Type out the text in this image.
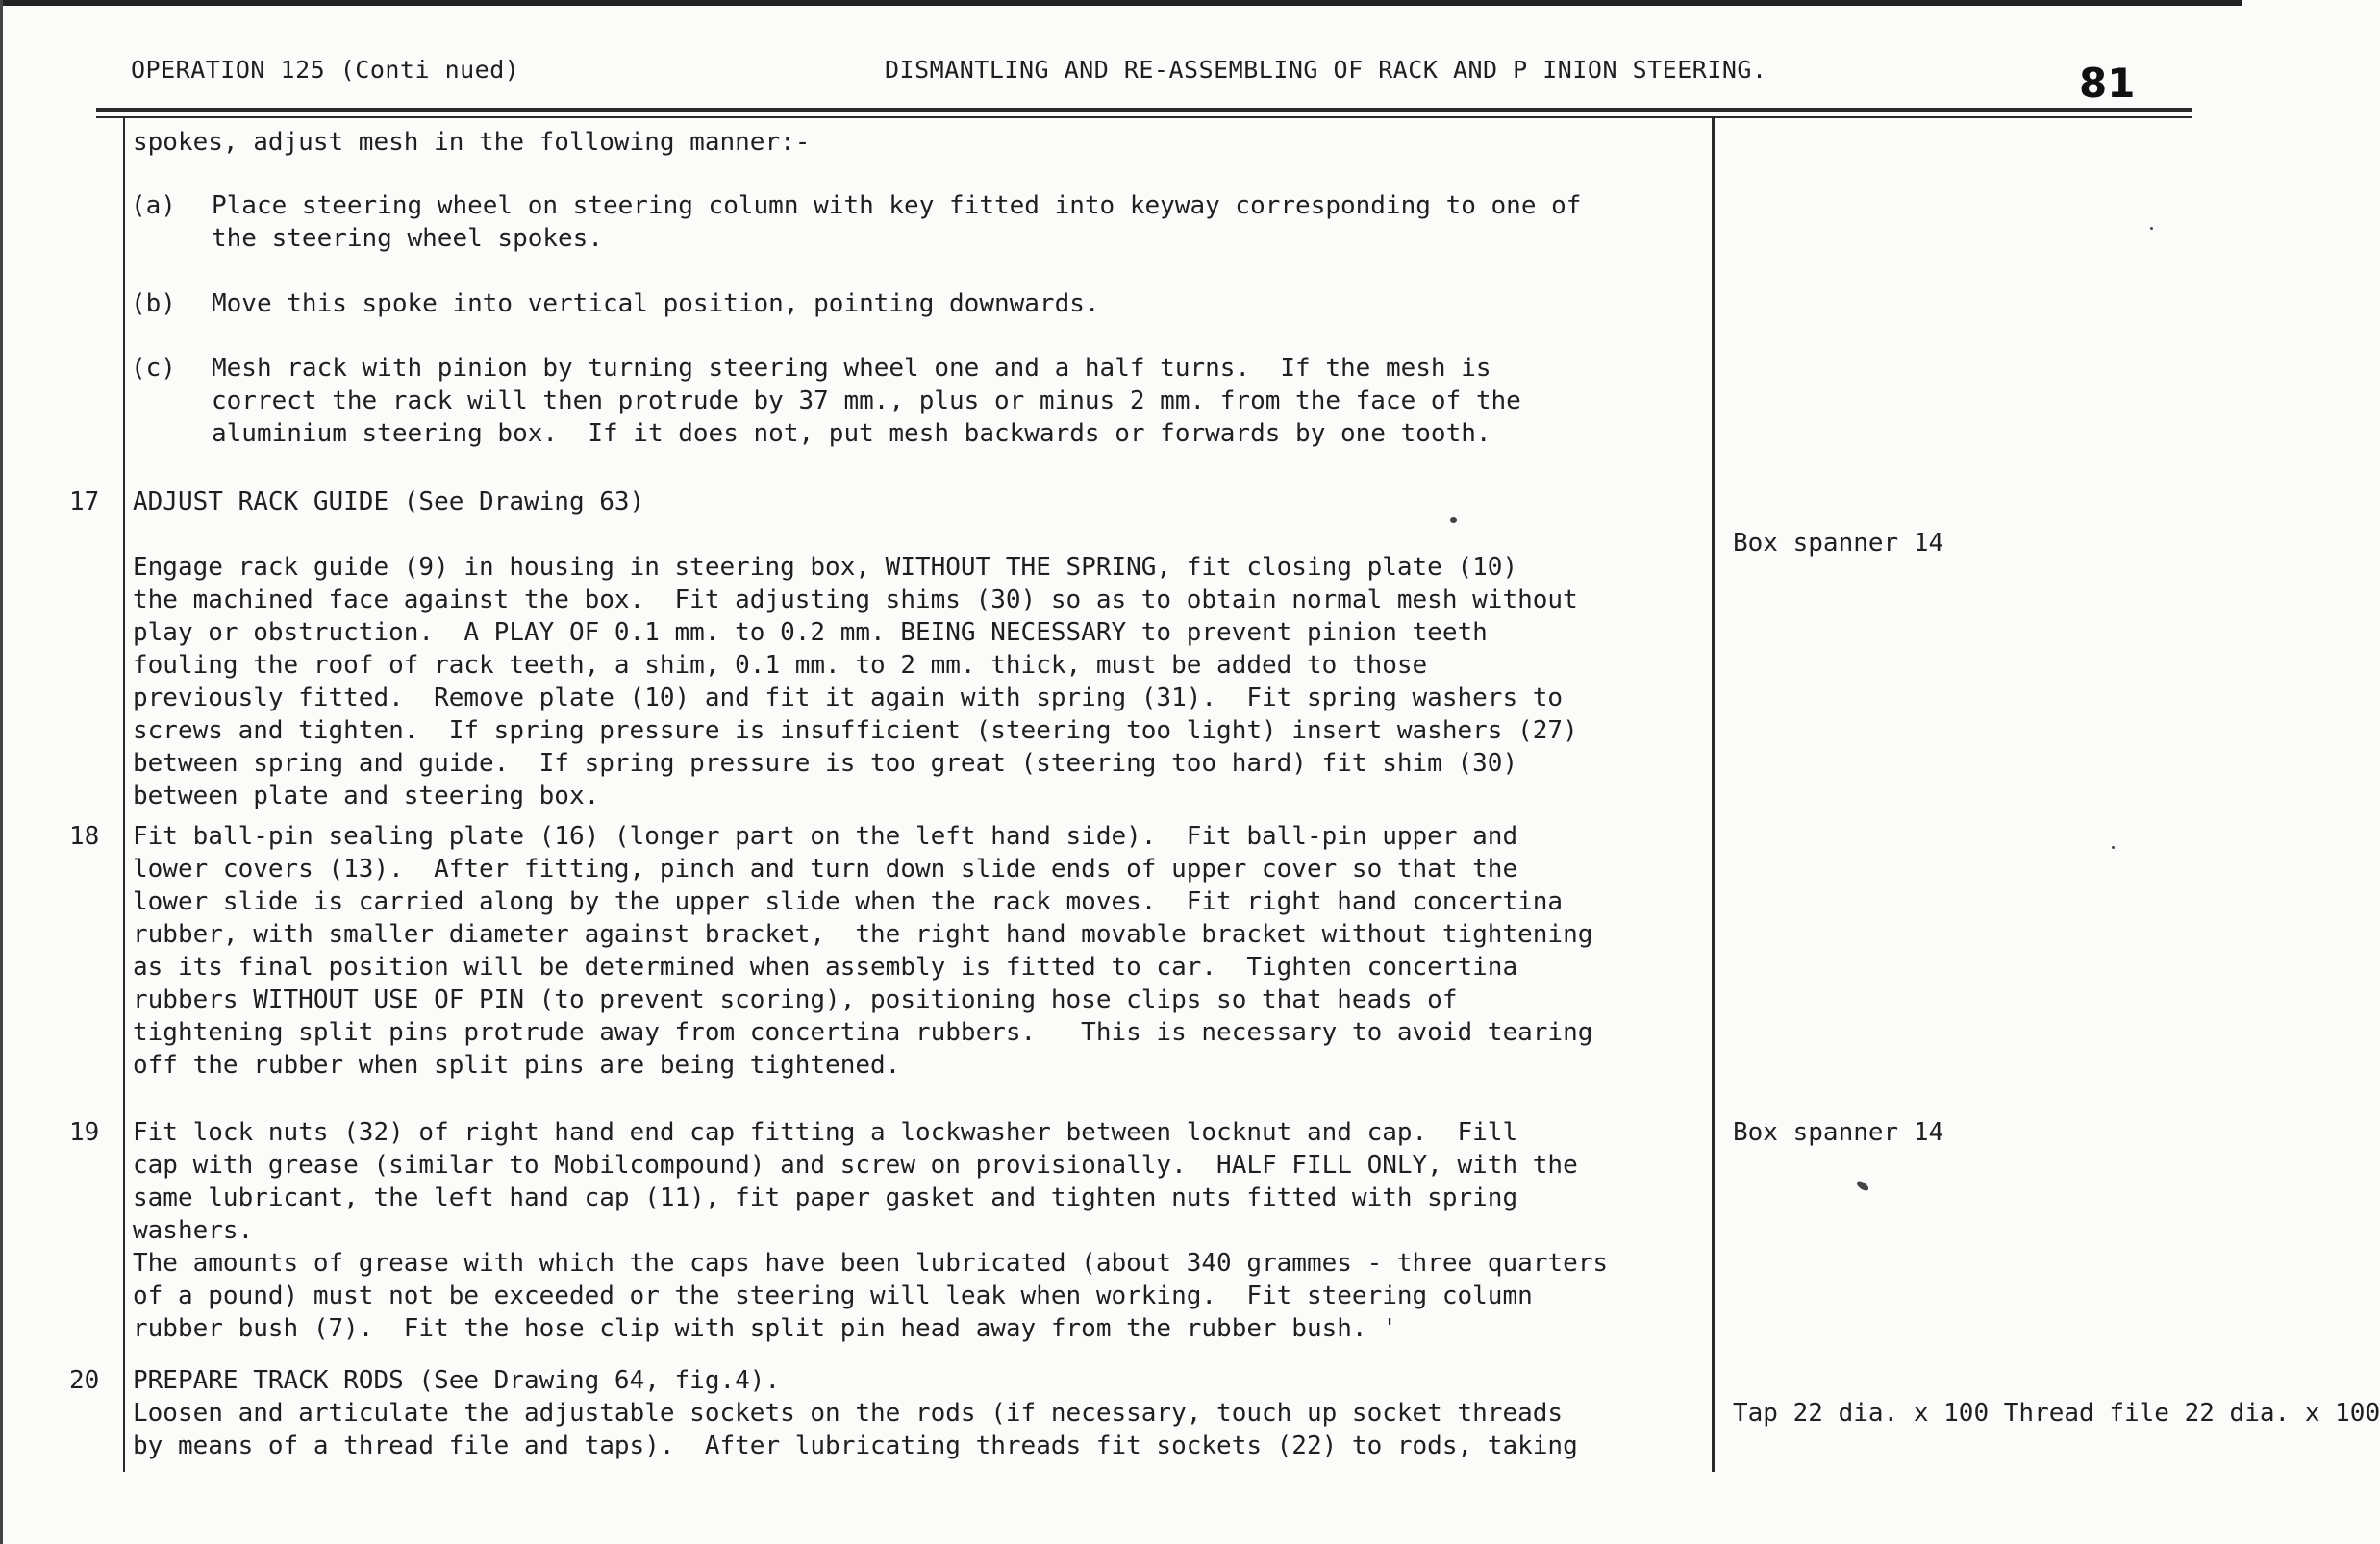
OPERATION 125 (Conti nued)	DISMANTLING AND RE-ASSEMBLING OF RACK AND P INION STEERING.	81
spokes, adjust mesh in the following manner:-
(a) Place steering wheel on steering column with key fitted into keyway corresponding to one of
the steering wheel spokes.
(b) Move this spoke into vertical position, pointing downwards.
(c) Mesh rack with pinion by turning steering wheel one and a half turns.  If the mesh is
correct the rack will then protrude by 37 mm., plus or minus 2 mm. from the face of the
aluminium steering box.  If it does not, put mesh backwards or forwards by one tooth.
17 ADJUST RACK GUIDE (See Drawing 63)

Engage rack guide (9) in housing in steering box, WITHOUT THE SPRING, fit closing plate (10)
the machined face against the box.  Fit adjusting shims (30) so as to obtain normal mesh without
play or obstruction.  A PLAY OF 0.1 mm. to 0.2 mm. BEING NECESSARY to prevent pinion teeth
fouling the roof of rack teeth, a shim, 0.1 mm. to 2 mm. thick, must be added to those
previously fitted.  Remove plate (10) and fit it again with spring (31).  Fit spring washers to
screws and tighten.  If spring pressure is insufficient (steering too light) insert washers (27)
between spring and guide.  If spring pressure is too great (steering too hard) fit shim (30)
between plate and steering box.
Box spanner 14
18 Fit ball-pin sealing plate (16) (longer part on the left hand side).  Fit ball-pin upper and
lower covers (13).  After fitting, pinch and turn down slide ends of upper cover so that the
lower slide is carried along by the upper slide when the rack moves.  Fit right hand concertina
rubber, with smaller diameter against bracket,  the right hand movable bracket without tightening
as its final position will be determined when assembly is fitted to car.  Tighten concertina
rubbers WITHOUT USE OF PIN (to prevent scoring), positioning hose clips so that heads of
tightening split pins protrude away from concertina rubbers.   This is necessary to avoid tearing
off the rubber when split pins are being tightened.
19 Fit lock nuts (32) of right hand end cap fitting a lockwasher between locknut and cap.  Fill
cap with grease (similar to Mobilcompound) and screw on provisionally.  HALF FILL ONLY, with the
same lubricant, the left hand cap (11), fit paper gasket and tighten nuts fitted with spring
washers.
The amounts of grease with which the caps have been lubricated (about 340 grammes - three quarters
of a pound) must not be exceeded or the steering will leak when working.  Fit steering column
rubber bush (7).  Fit the hose clip with split pin head away from the rubber bush. '
Box spanner 14
20 PREPARE TRACK RODS (See Drawing 64, fig.4).
Loosen and articulate the adjustable sockets on the rods (if necessary, touch up socket threads
by means of a thread file and taps).  After lubricating threads fit sockets (22) to rods, taking
Tap 22 dia. x 100 Thread file 22 dia. x 100
